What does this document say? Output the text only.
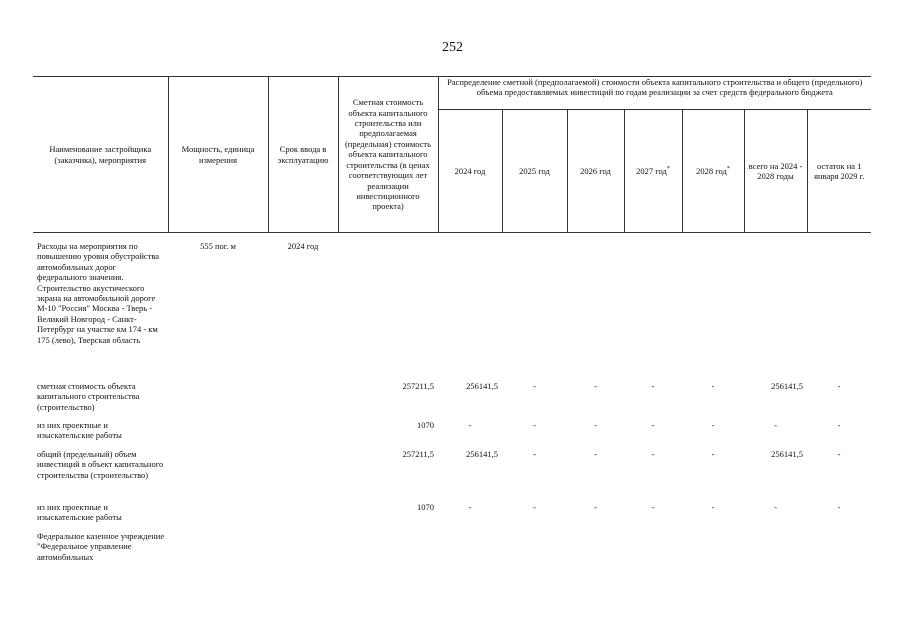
252
Наименование застройщика (заказчика), мероприятия	Мощность, единица измерения	Срок ввода в эксплуатацию	Сметная стоимость объекта капитального строительства или предполагаемая (предельная) стоимость объекта капитального строительства (в ценах соответствующих лет реализации инвестиционного проекта)	Распределение сметной (предполагаемой) стоимости объекта капитального строительства и общего (предельного) объема предоставляемых инвестиций по годам реализации за счет средств федерального бюджета						
				2024 год	2025 год	2026 год	2027 год*	2028 год*	всего на 2024 - 2028 годы	остаток на 1 января 2029 г.

Расходы на мероприятия по повышению уровня обустройства автомобильных дорог федерального значения. Строительство акустического экрана на автомобильной дороге М-10 "Россия" Москва - Тверь - Великий Новгород - Санкт-Петербург на участке км 174 - км 175 (лево), Тверская область	555 пог. м	2024 год								
сметная стоимость объекта капитального строительства (строительство)			257211,5	256141,5	-	-	-	-	256141,5	-
из них проектные и изыскательские работы			1070	-	-	-	-	-	-	-
общий (предельный) объем инвестиций в объект капитального строительства (строительство)			257211,5	256141,5	-	-	-	-	256141,5	-
из них проектные и изыскательские работы			1070	-	-	-	-	-	-	-
Федеральное казенное учреждение "Федеральное управление автомобильных										
